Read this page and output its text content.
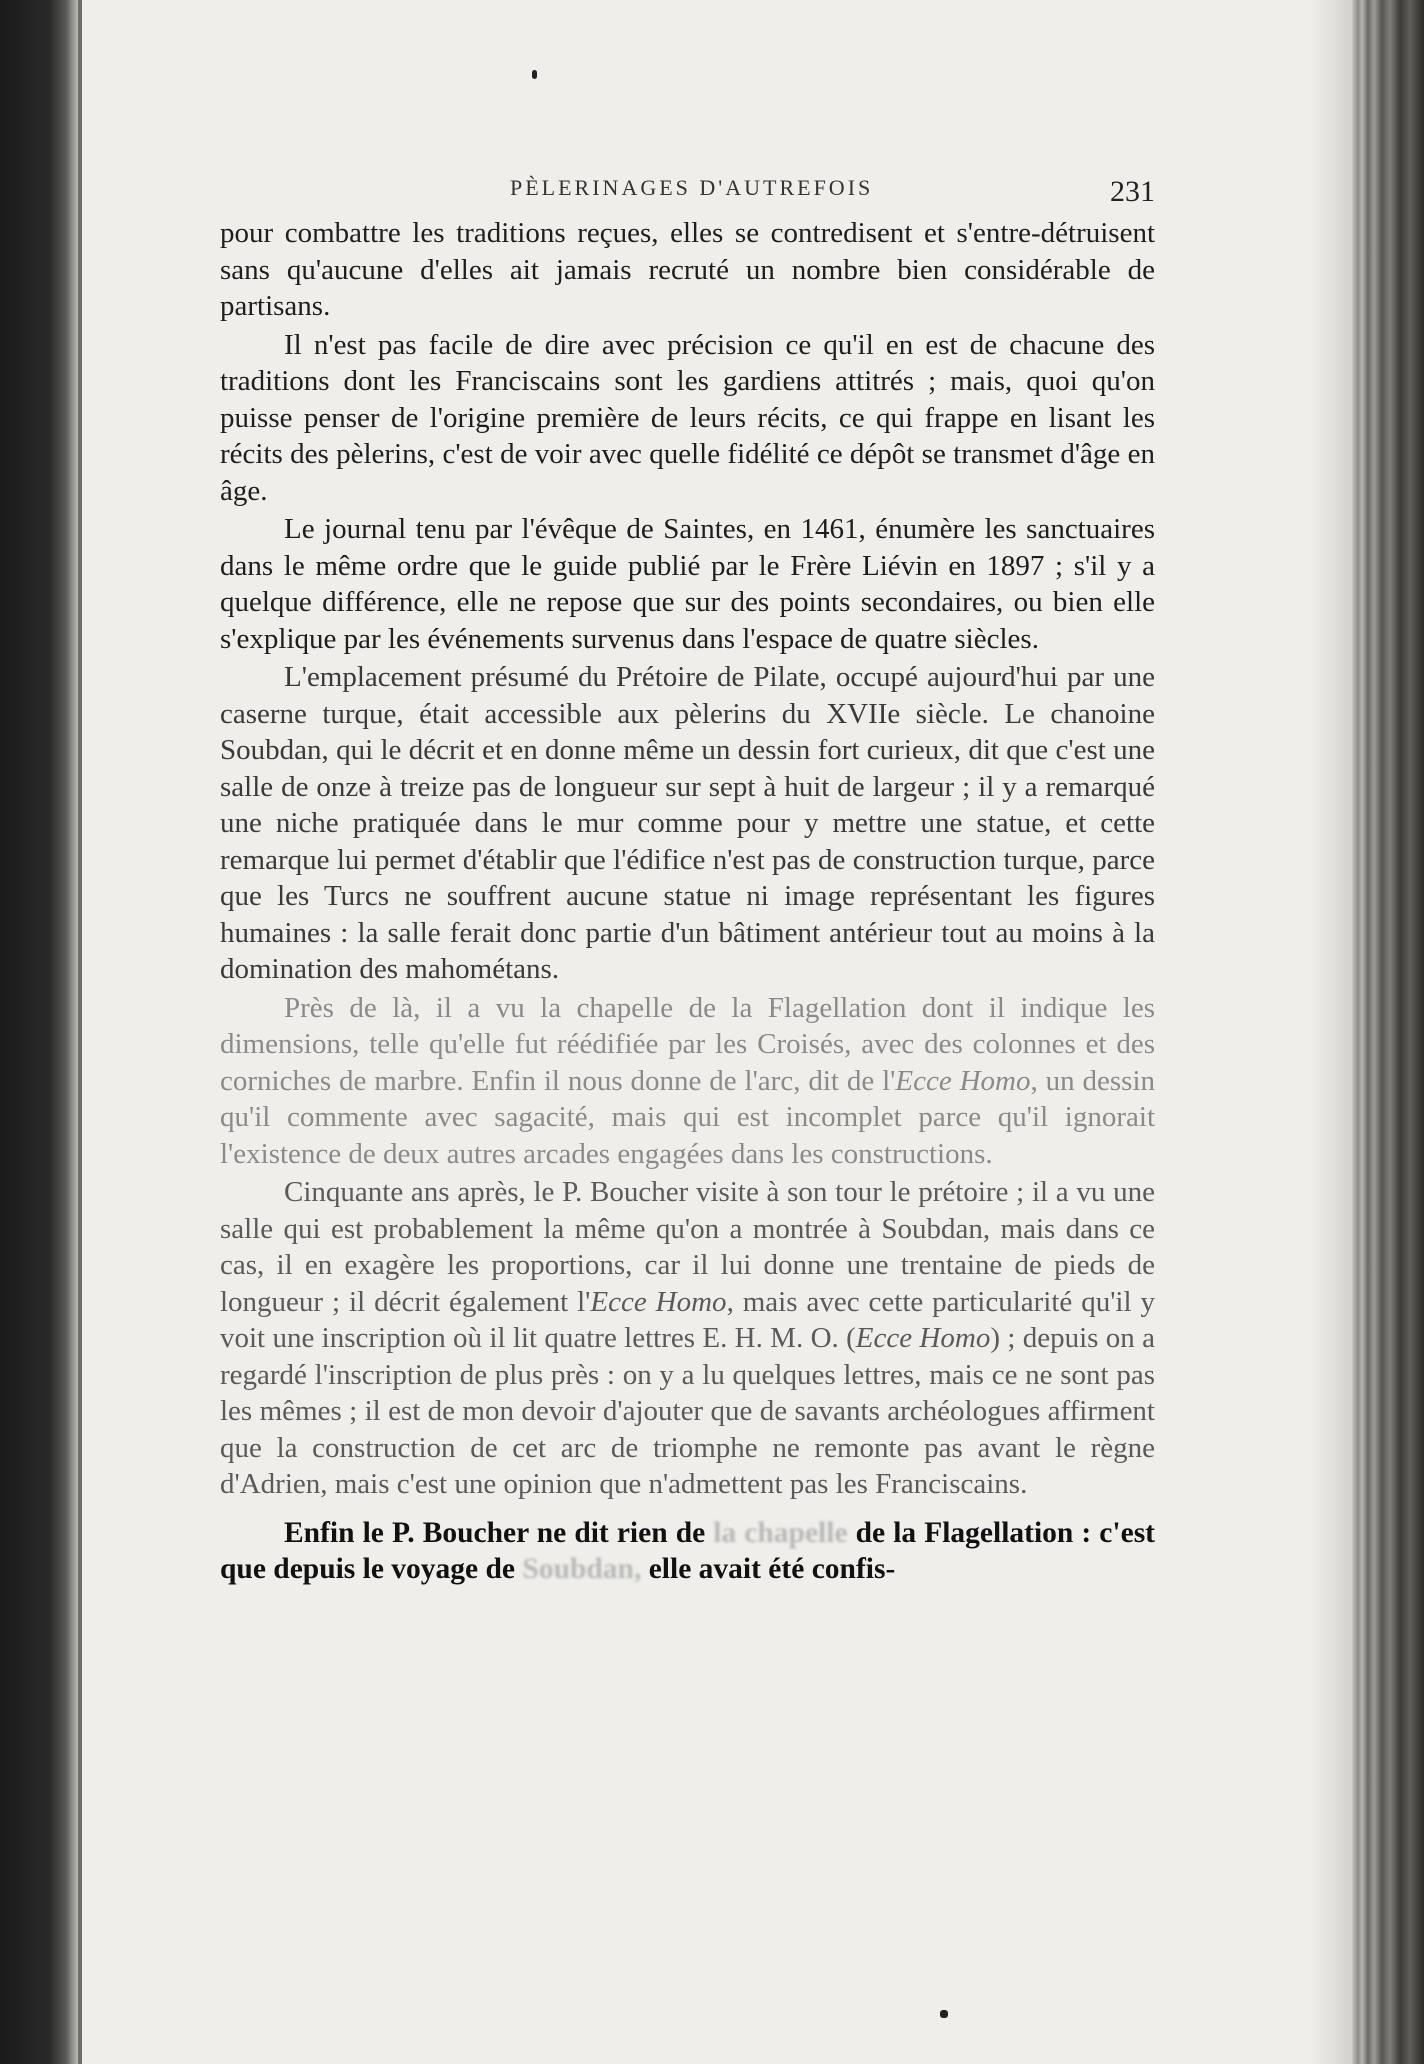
PÈLERINAGES D'AUTREFOIS	231

pour combattre les traditions reçues, elles se contredisent et s'entre-détruisent sans qu'aucune d'elles ait jamais recruté un nombre bien considérable de partisans.

Il n'est pas facile de dire avec précision ce qu'il en est de chacune des traditions dont les Franciscains sont les gardiens attitrés ; mais, quoi qu'on puisse penser de l'origine première de leurs récits, ce qui frappe en lisant les récits des pèlerins, c'est de voir avec quelle fidélité ce dépôt se transmet d'âge en âge.

Le journal tenu par l'évêque de Saintes, en 1461, énumère les sanctuaires dans le même ordre que le guide publié par le Frère Liévin en 1897 ; s'il y a quelque différence, elle ne repose que sur des points secondaires, ou bien elle s'explique par les événements survenus dans l'espace de quatre siècles.

L'emplacement présumé du Prétoire de Pilate, occupé aujourd'hui par une caserne turque, était accessible aux pèlerins du XVIIe siècle. Le chanoine Soubdan, qui le décrit et en donne même un dessin fort curieux, dit que c'est une salle de onze à treize pas de longueur sur sept à huit de largeur ; il y a remarqué une niche pratiquée dans le mur comme pour y mettre une statue, et cette remarque lui permet d'établir que l'édifice n'est pas de construction turque, parce que les Turcs ne souffrent aucune statue ni image représentant les figures humaines : la salle ferait donc partie d'un bâtiment antérieur tout au moins à la domination des mahométans.

Près de là, il a vu la chapelle de la Flagellation dont il indique les dimensions, telle qu'elle fut réédifiée par les Croisés, avec des colonnes et des corniches de marbre. Enfin il nous donne de l'arc, dit de l'Ecce Homo, un dessin qu'il commente avec sagacité, mais qui est incomplet parce qu'il ignorait l'existence de deux autres arcades engagées dans les constructions.

Cinquante ans après, le P. Boucher visite à son tour le prétoire ; il a vu une salle qui est probablement la même qu'on a montrée à Soubdan, mais dans ce cas, il en exagère les proportions, car il lui donne une trentaine de pieds de longueur ; il décrit également l'Ecce Homo, mais avec cette particularité qu'il y voit une inscription où il lit quatre lettres E. H. M. O. (Ecce Homo) ; depuis on a regardé l'inscription de plus près : on y a lu quelques lettres, mais ce ne sont pas les mêmes ; il est de mon devoir d'ajouter que de savants archéologues affirment que la construction de cet arc de triomphe ne remonte pas avant le règne d'Adrien, mais c'est une opinion que n'admettent pas les Franciscains.

Enfin le P. Boucher ne dit rien de la chapelle de la Flagellation : c'est que depuis le voyage de Soubdan, elle avait été confis-
